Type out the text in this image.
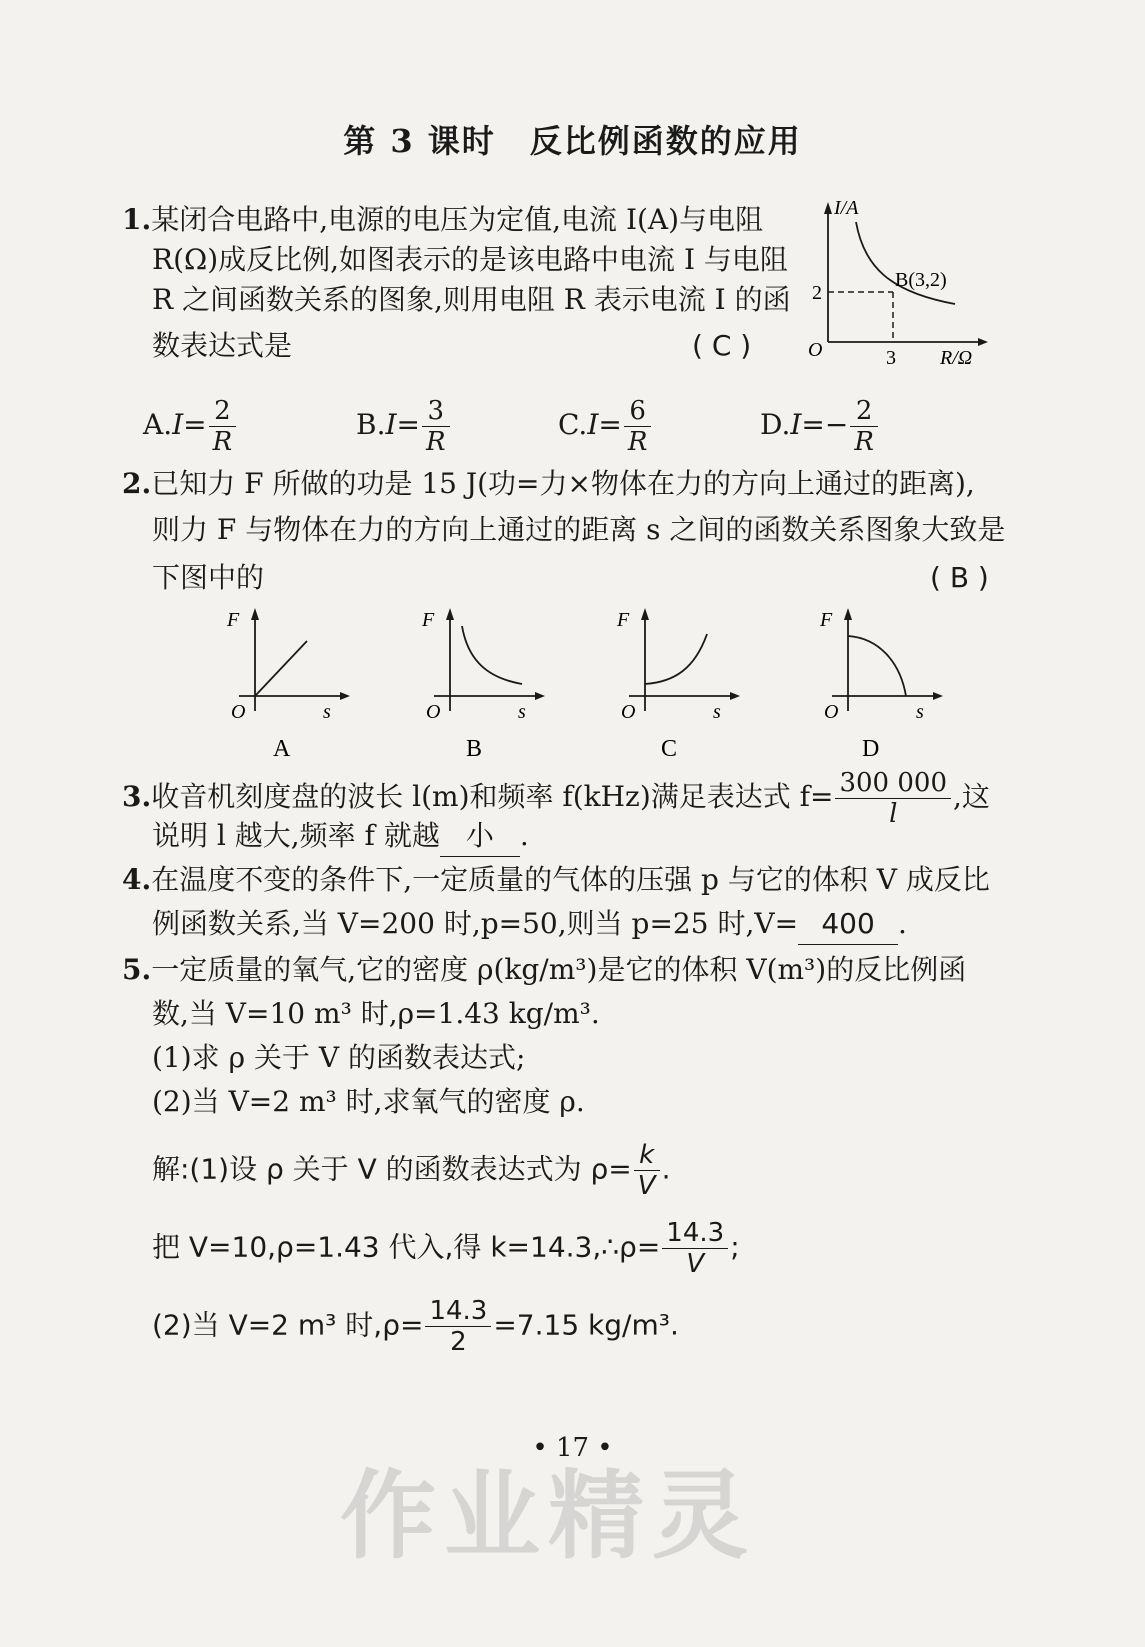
第 3 课时　反比例函数的应用
1.某闭合电路中,电源的电压为定值,电流 I(A)与电阻
R(Ω)成反比例,如图表示的是该电路中电流 I 与电阻
R 之间函数关系的图象,则用电阻 R 表示电流 I 的函
数表达式是	( C )
I/A
R/Ω
O
B(3,2)
2
3
$A.I= \frac{2}{R}$	$B.I= \frac{3}{R}$	$C.I= \frac{6}{R}$	$D.I=- \frac{2}{R}$
2.已知力 F 所做的功是 15 J(功=力×物体在力的方向上通过的距离),
则力 F 与物体在力的方向上通过的距离 s 之间的函数关系图象大致是
下图中的	( B )
F
s
O
A
F
s
O
B
F
s
O
C
F
s
O
D
3.收音机刻度盘的波长 l(m)和频率 f(kHz)满足表达式 $f= \frac{300 000}{l}$ ,这
说明 l 越大,频率 f 就越 小 .
4.在温度不变的条件下,一定质量的气体的压强 p 与它的体积 V 成反比
例函数关系,当 V=200 时,p=50,则当 p=25 时,V= 400 .
5.一定质量的氧气,它的密度 ρ(kg/m³)是它的体积 V(m³)的反比例函
数,当 V=10 m³ 时,ρ=1.43 kg/m³.
(1)求 ρ 关于 V 的函数表达式;
(2)当 V=2 m³ 时,求氧气的密度 ρ.
解:(1)设 ρ 关于 V 的函数表达式为 $\rho= \frac{k}{V}$ .
把 V=10,ρ=1.43 代入,得 k=14.3,∴ρ= $\frac{14.3}{V}$ ;
(2)当 V=2 m³ 时$,\rho= \frac{14.3}{2} =7.15$ kg/m³.
• 17 •
作业精灵
